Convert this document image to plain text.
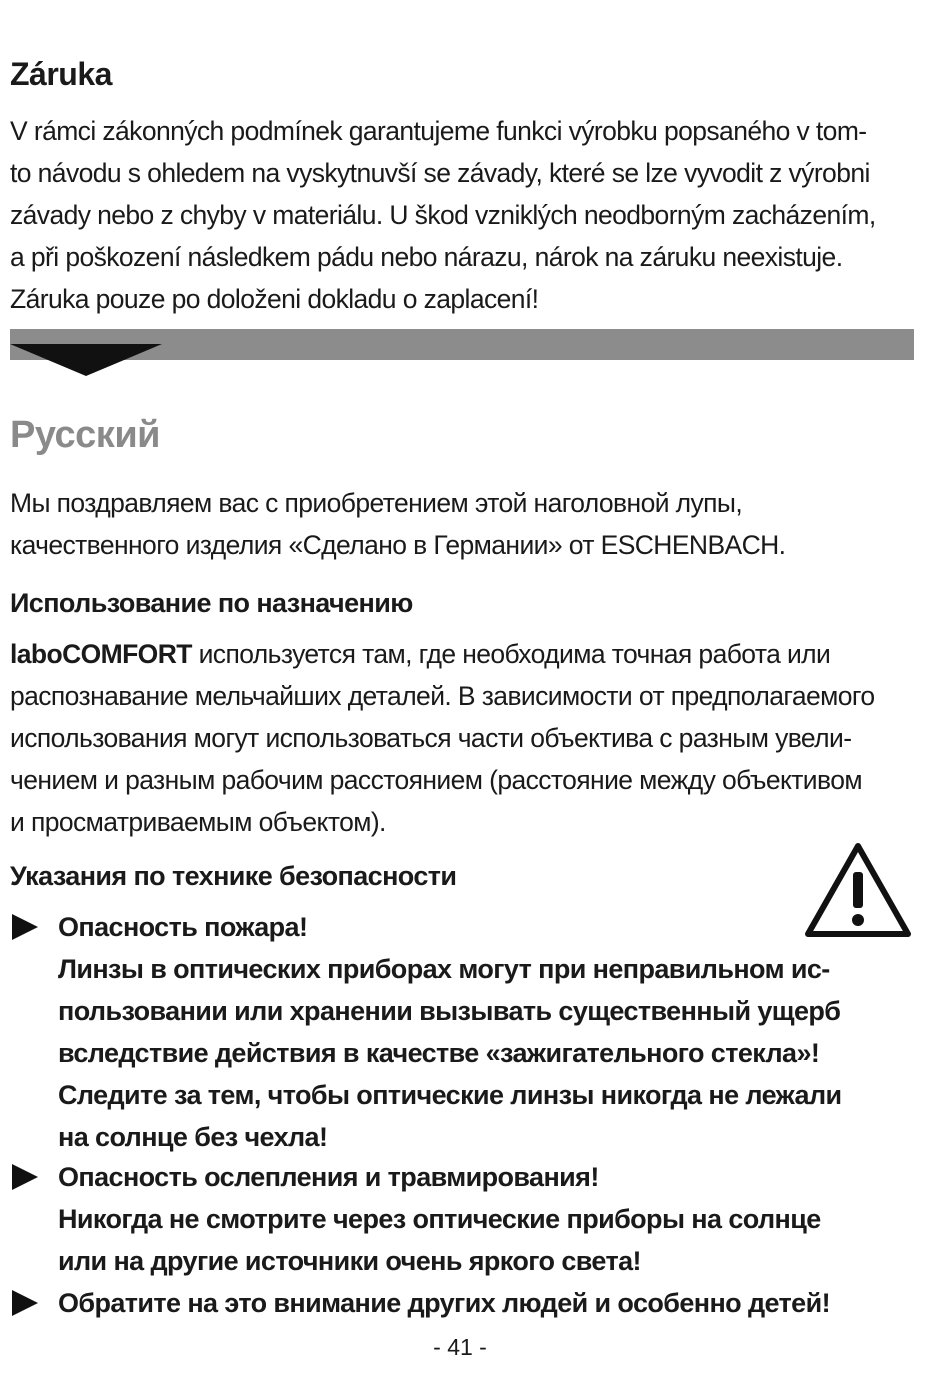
Záruka

V rámci zákonných podmínek garantujeme funkci výrobku popsaného v tom-
to návodu s ohledem na vyskytnuvší se závady, které se lze vyvodit z výrobni
závady nebo z chyby v materiálu. U škod vzniklých neodborným zacházením,
a při poškození následkem pádu nebo nárazu, nárok na záruku neexistuje.
Záruka pouze po doloženi dokladu o zaplacení!

Русский

Мы поздравляем вас с приобретением этой наголовной лупы,
качественного изделия «Сделано в Германии» от ESCHENBACH.

Использование по назначению

laboCOMFORT используется там, где необходима точная работа или
распознавание мельчайших деталей. В зависимости от предполагаемого
использования могут использоваться части объектива с разным увели-
чением и разным рабочим расстоянием (расстояние между объективом
и просматриваемым объектом).

Указания по технике безопасности

Опасность пожара!
Линзы в оптических приборах могут при неправильном ис-
пользовании или хранении вызывать существенный ущерб
вследствие действия в качестве «зажигательного стекла»!
Следите за тем, чтобы оптические линзы никогда не лежали
на солнце без чехла!

Опасность ослепления и травмирования!
Никогда не смотрите через оптические приборы на солнце
или на другие источники очень яркого света!

Обратите на это внимание других людей и особенно детей!

- 41 -
